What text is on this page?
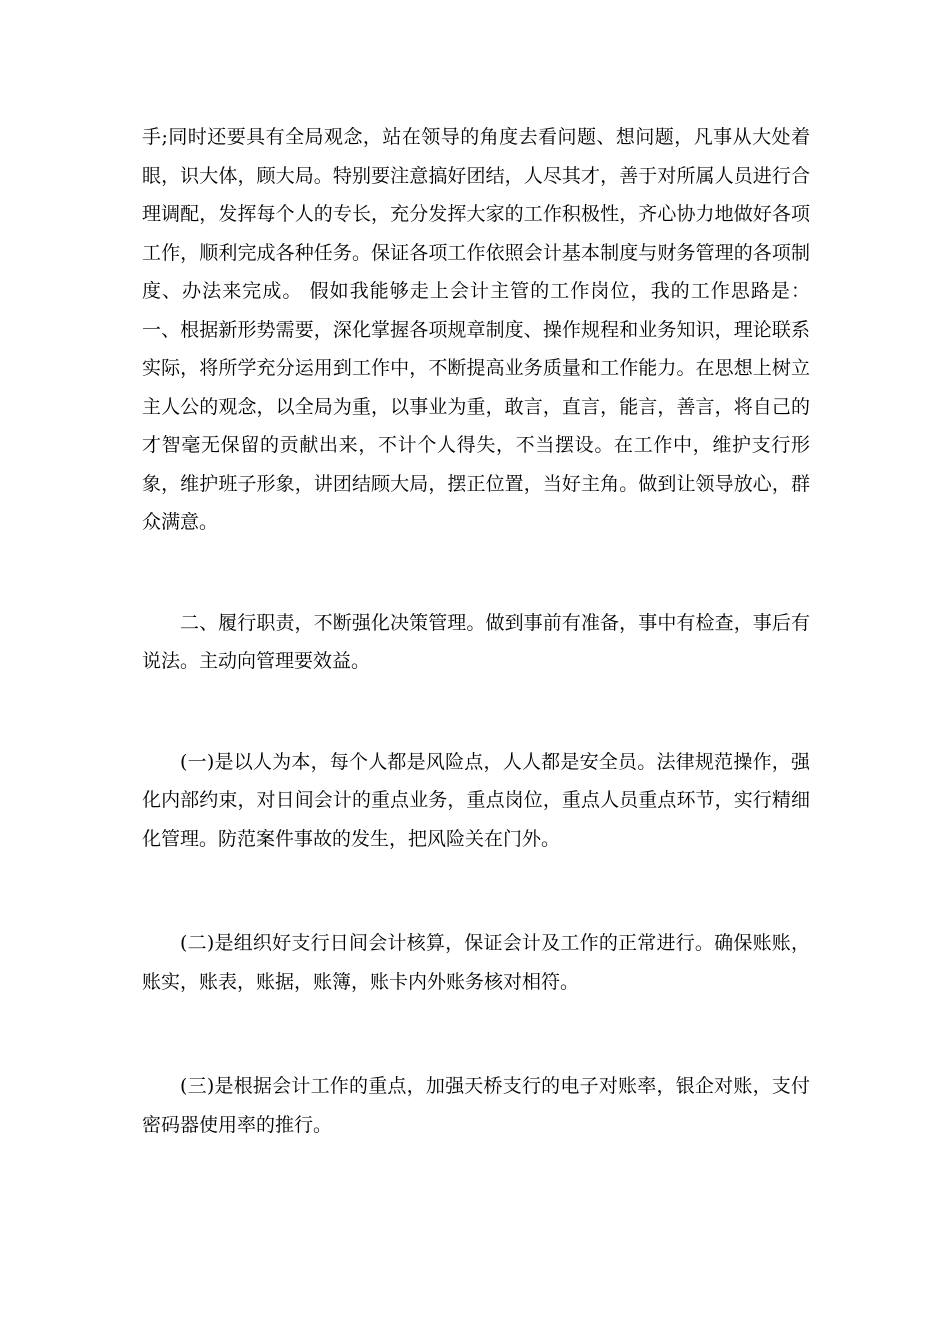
手;同时还要具有全局观念，站在领导的角度去看问题、想问题，凡事从大处着眼，识大体，顾大局。特别要注意搞好团结，人尽其才，善于对所属人员进行合理调配，发挥每个人的专长，充分发挥大家的工作积极性，齐心协力地做好各项工作，顺利完成各种任务。保证各项工作依照会计基本制度与财务管理的各项制度、办法来完成。 假如我能够走上会计主管的工作岗位，我的工作思路是： 一、根据新形势需要，深化掌握各项规章制度、操作规程和业务知识，理论联系实际，将所学充分运用到工作中，不断提高业务质量和工作能力。在思想上树立主人公的观念，以全局为重，以事业为重，敢言，直言，能言，善言，将自己的才智毫无保留的贡献出来，不计个人得失，不当摆设。在工作中，维护支行形象，维护班子形象，讲团结顾大局，摆正位置，当好主角。做到让领导放心，群众满意。

二、履行职责，不断强化决策管理。做到事前有准备，事中有检查，事后有说法。主动向管理要效益。

(一)是以人为本，每个人都是风险点，人人都是安全员。法律规范操作，强化内部约束，对日间会计的重点业务，重点岗位，重点人员重点环节，实行精细化管理。防范案件事故的发生，把风险关在门外。

(二)是组织好支行日间会计核算，保证会计及工作的正常进行。确保账账，账实，账表，账据，账簿，账卡内外账务核对相符。

(三)是根据会计工作的重点，加强天桥支行的电子对账率，银企对账，支付密码器使用率的推行。
